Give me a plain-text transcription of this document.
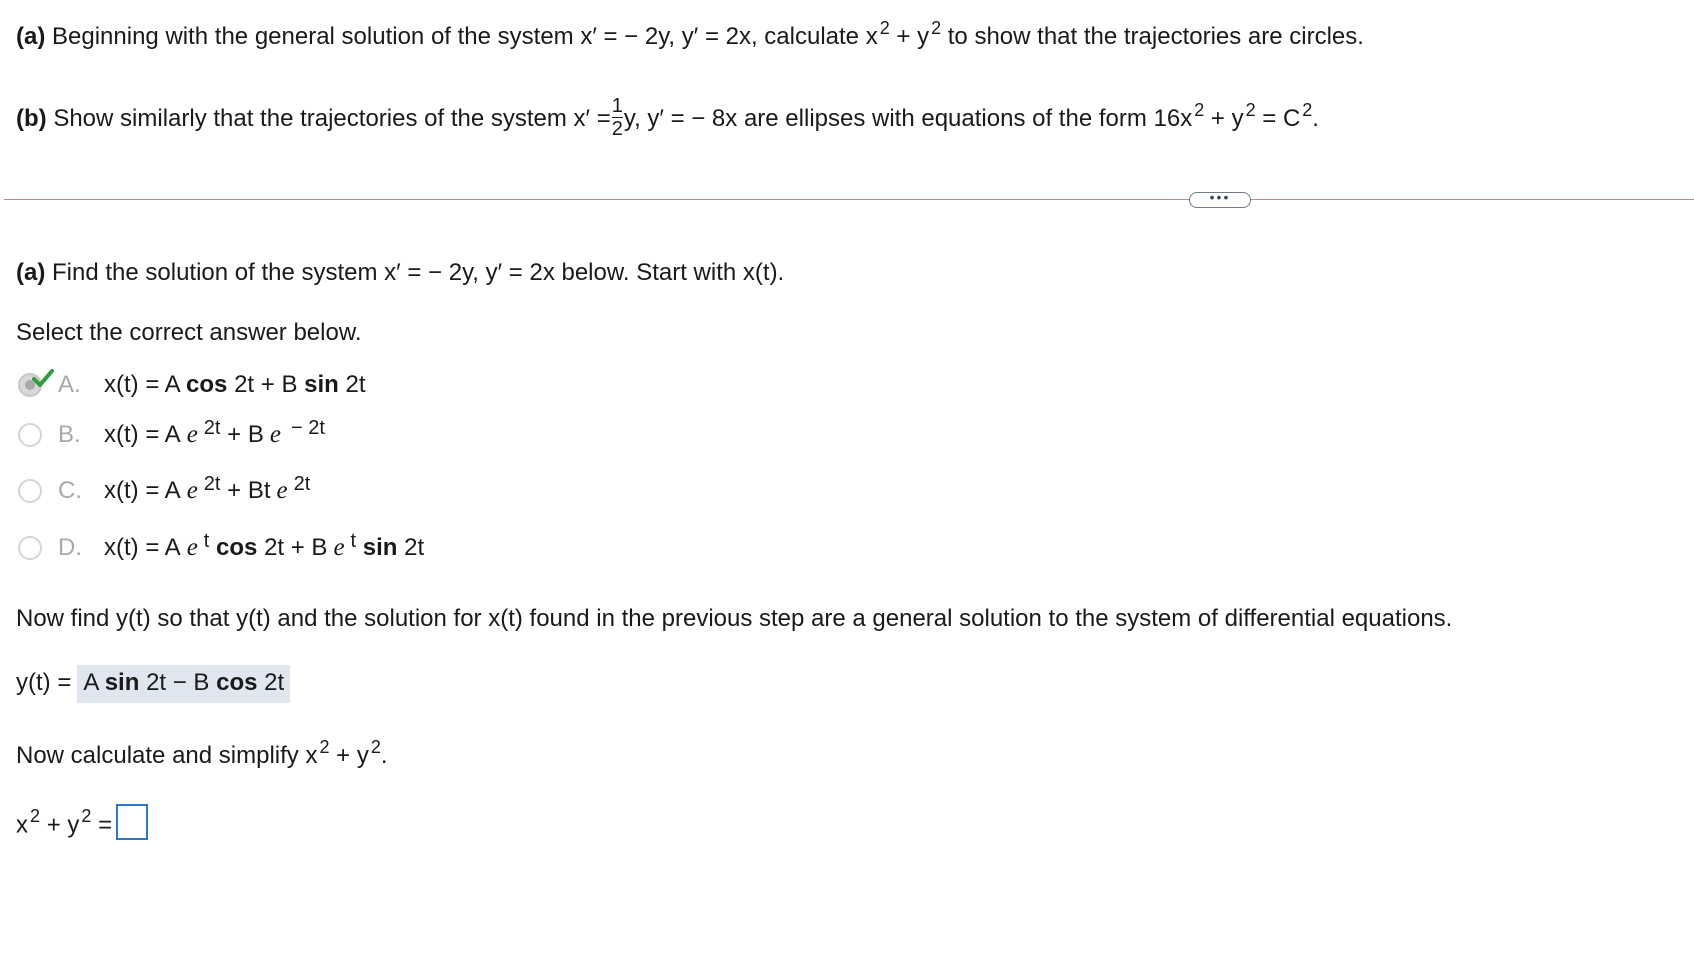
(a) Beginning with the general solution of the system x′ = − 2y, y′ = 2x, calculate x $^2$ + y $^2$ to show that the trajectories are circles.
(b) Show similarly that the trajectories of the system $x' = \frac{1}{2} y$, y′ = − 8x are ellipses with equations of the form 16x $^2$ + y $^2$ = C $^2$.
•••
(a) Find the solution of the system x′ = − 2y, y′ = 2x below. Start with x(t).
Select the correct answer below.
A. x(t) = A cos 2t + B sin 2t
B. x(t) = A e $^{2t}$ + B e $^{- 2t}$
C. x(t) = A e $^{2t}$ + Bt e $^{2t}$
D. x(t) = A e $^t$ cos 2t + B e $^t$ sin 2t
Now find y(t) so that y(t) and the solution for x(t) found in the previous step are a general solution to the system of differential equations.
y(t) = A sin 2t − B cos 2t
Now calculate and simplify x $^2$ + y $^2$.
x $^2$ + y $^2$ =
